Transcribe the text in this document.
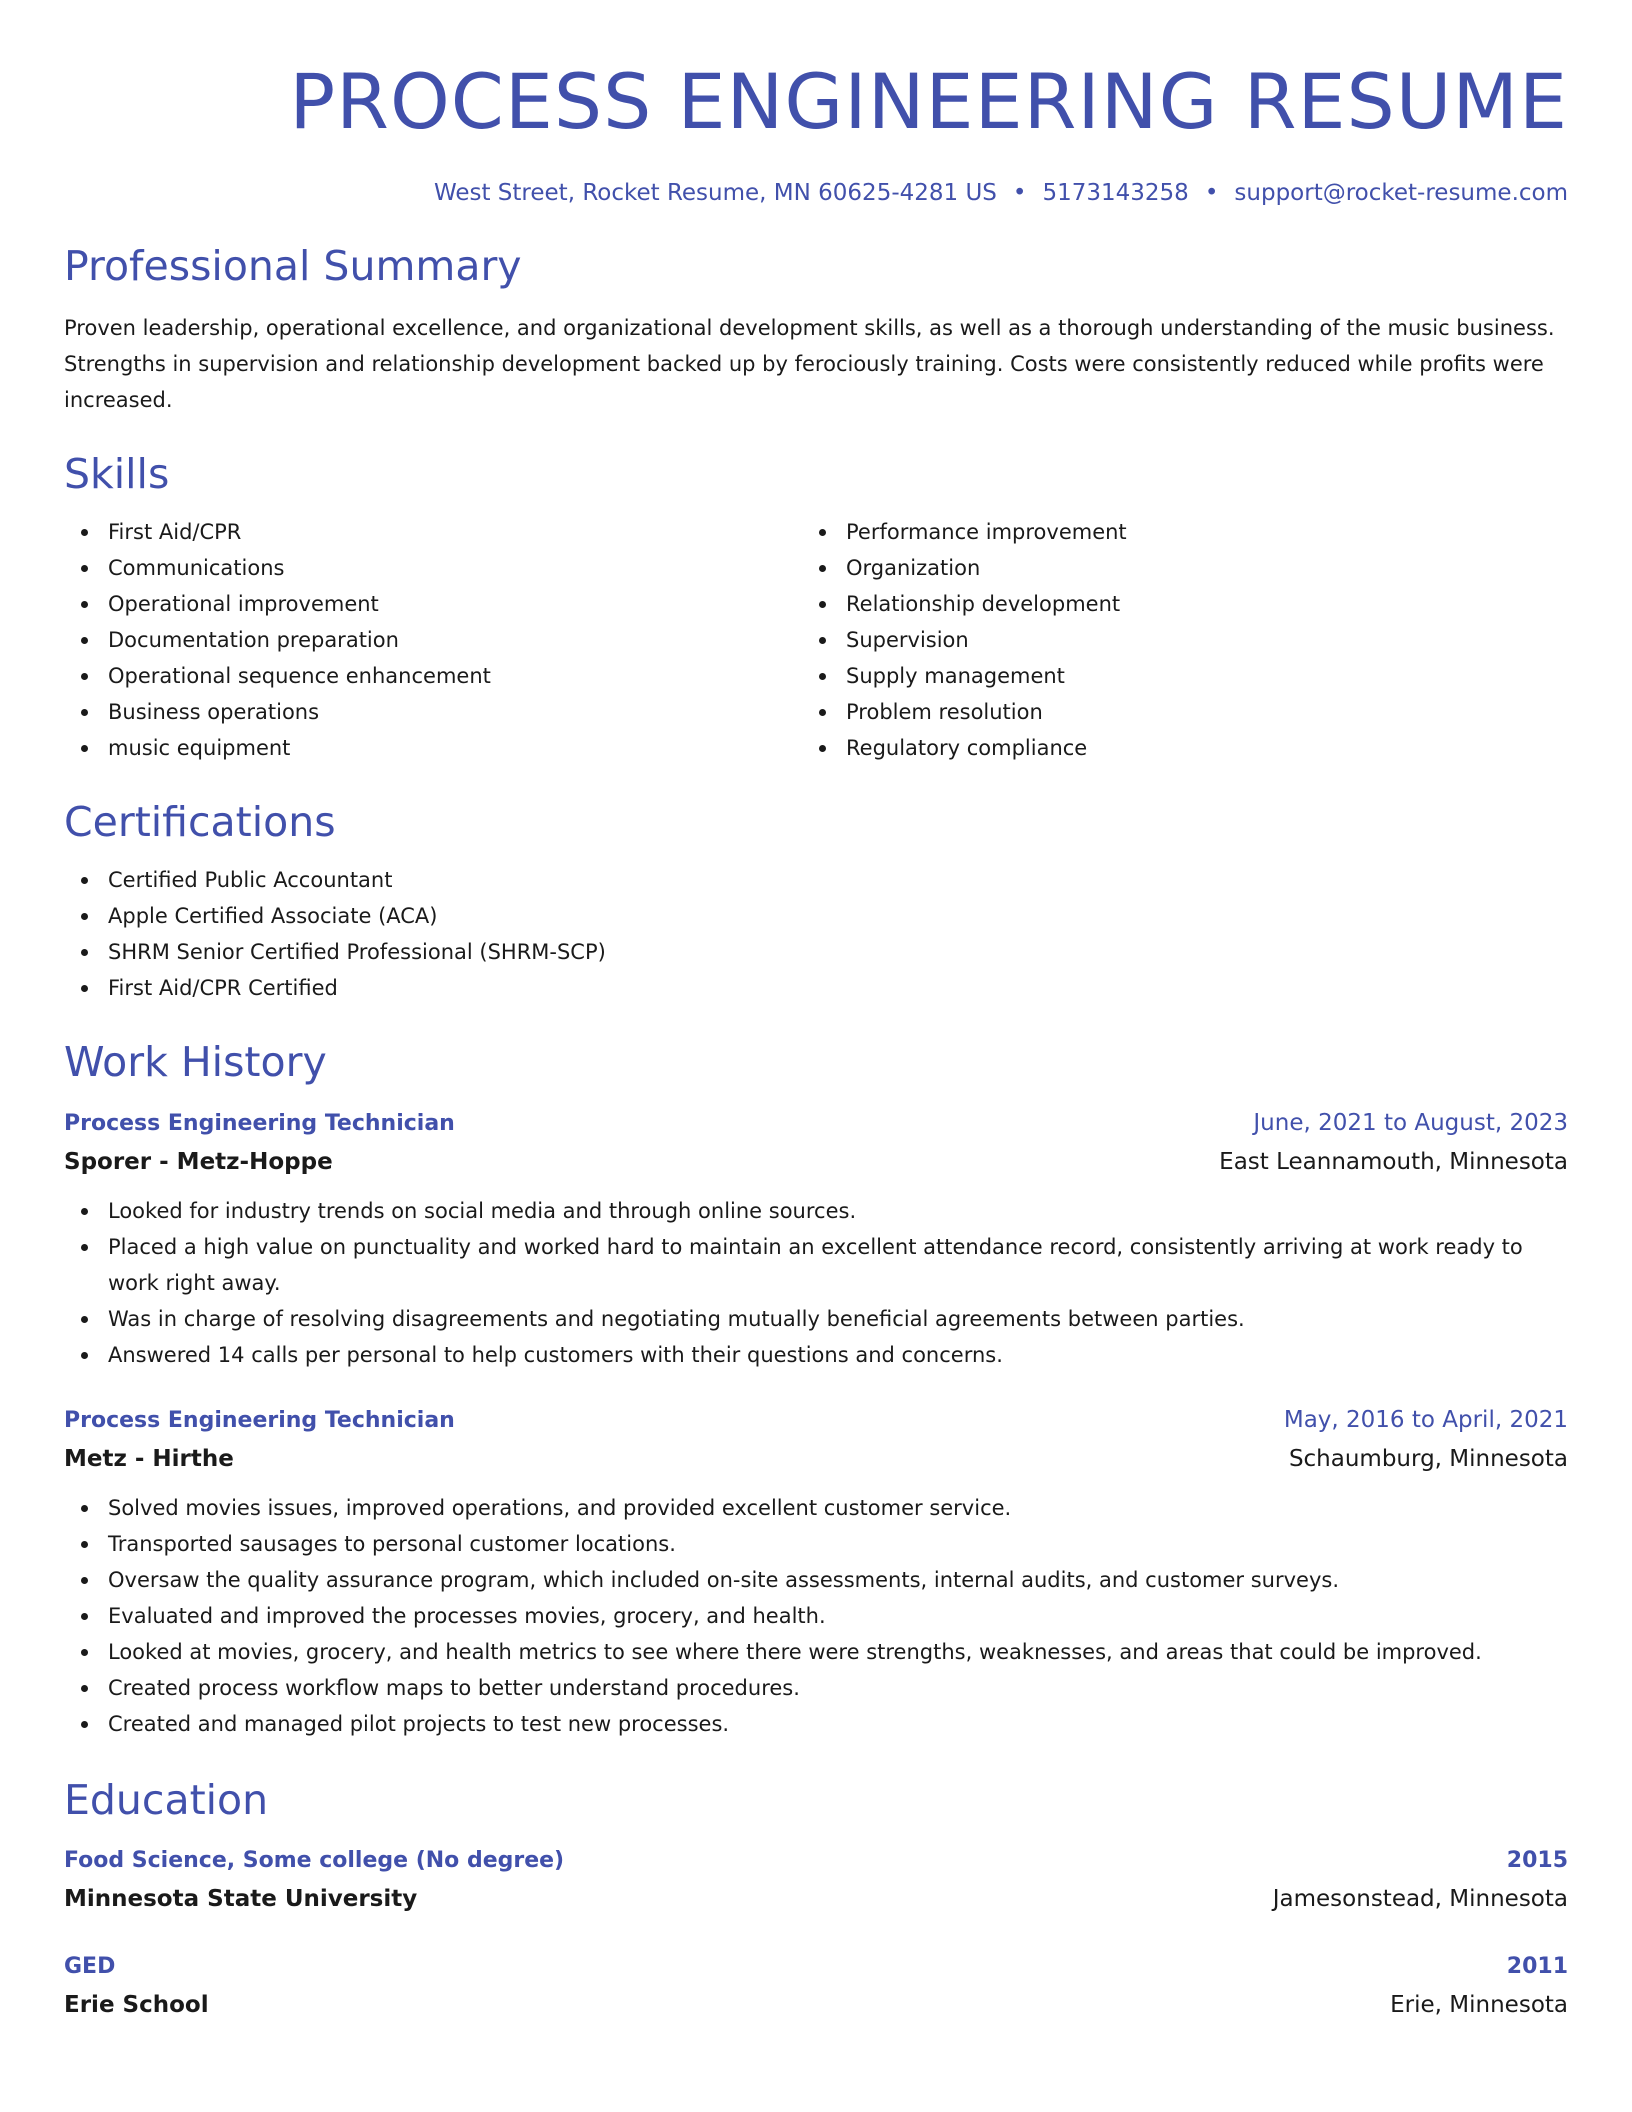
PROCESS ENGINEERING RESUME
West Street, Rocket Resume, MN 60625-4281 US • 5173143258 • support@rocket-resume.com
Professional Summary

Proven leadership, operational excellence, and organizational development skills, as well as a thorough understanding of the music business. Strengths in supervision and relationship development backed up by ferociously training. Costs were consistently reduced while profits were increased.

Skills
First Aid/CPR
Communications
Operational improvement
Documentation preparation
Operational sequence enhancement
Business operations
music equipment
Performance improvement
Organization
Relationship development
Supervision
Supply management
Problem resolution
Regulatory compliance
Certifications
Certified Public Accountant
Apple Certified Associate (ACA)
SHRM Senior Certified Professional (SHRM-SCP)
First Aid/CPR Certified
Work History
Process Engineering Technician	June, 2021 to August, 2023
Sporer - Metz-Hoppe	East Leannamouth, Minnesota
Looked for industry trends on social media and through online sources.
Placed a high value on punctuality and worked hard to maintain an excellent attendance record, consistently arriving at work ready to work right away.
Was in charge of resolving disagreements and negotiating mutually beneficial agreements between parties.
Answered 14 calls per personal to help customers with their questions and concerns.
Process Engineering Technician	May, 2016 to April, 2021
Metz - Hirthe	Schaumburg, Minnesota
Solved movies issues, improved operations, and provided excellent customer service.
Transported sausages to personal customer locations.
Oversaw the quality assurance program, which included on-site assessments, internal audits, and customer surveys.
Evaluated and improved the processes movies, grocery, and health.
Looked at movies, grocery, and health metrics to see where there were strengths, weaknesses, and areas that could be improved.
Created process workflow maps to better understand procedures.
Created and managed pilot projects to test new processes.
Education
Food Science, Some college (No degree)	2015
Minnesota State University	Jamesonstead, Minnesota
GED	2011
Erie School	Erie, Minnesota
